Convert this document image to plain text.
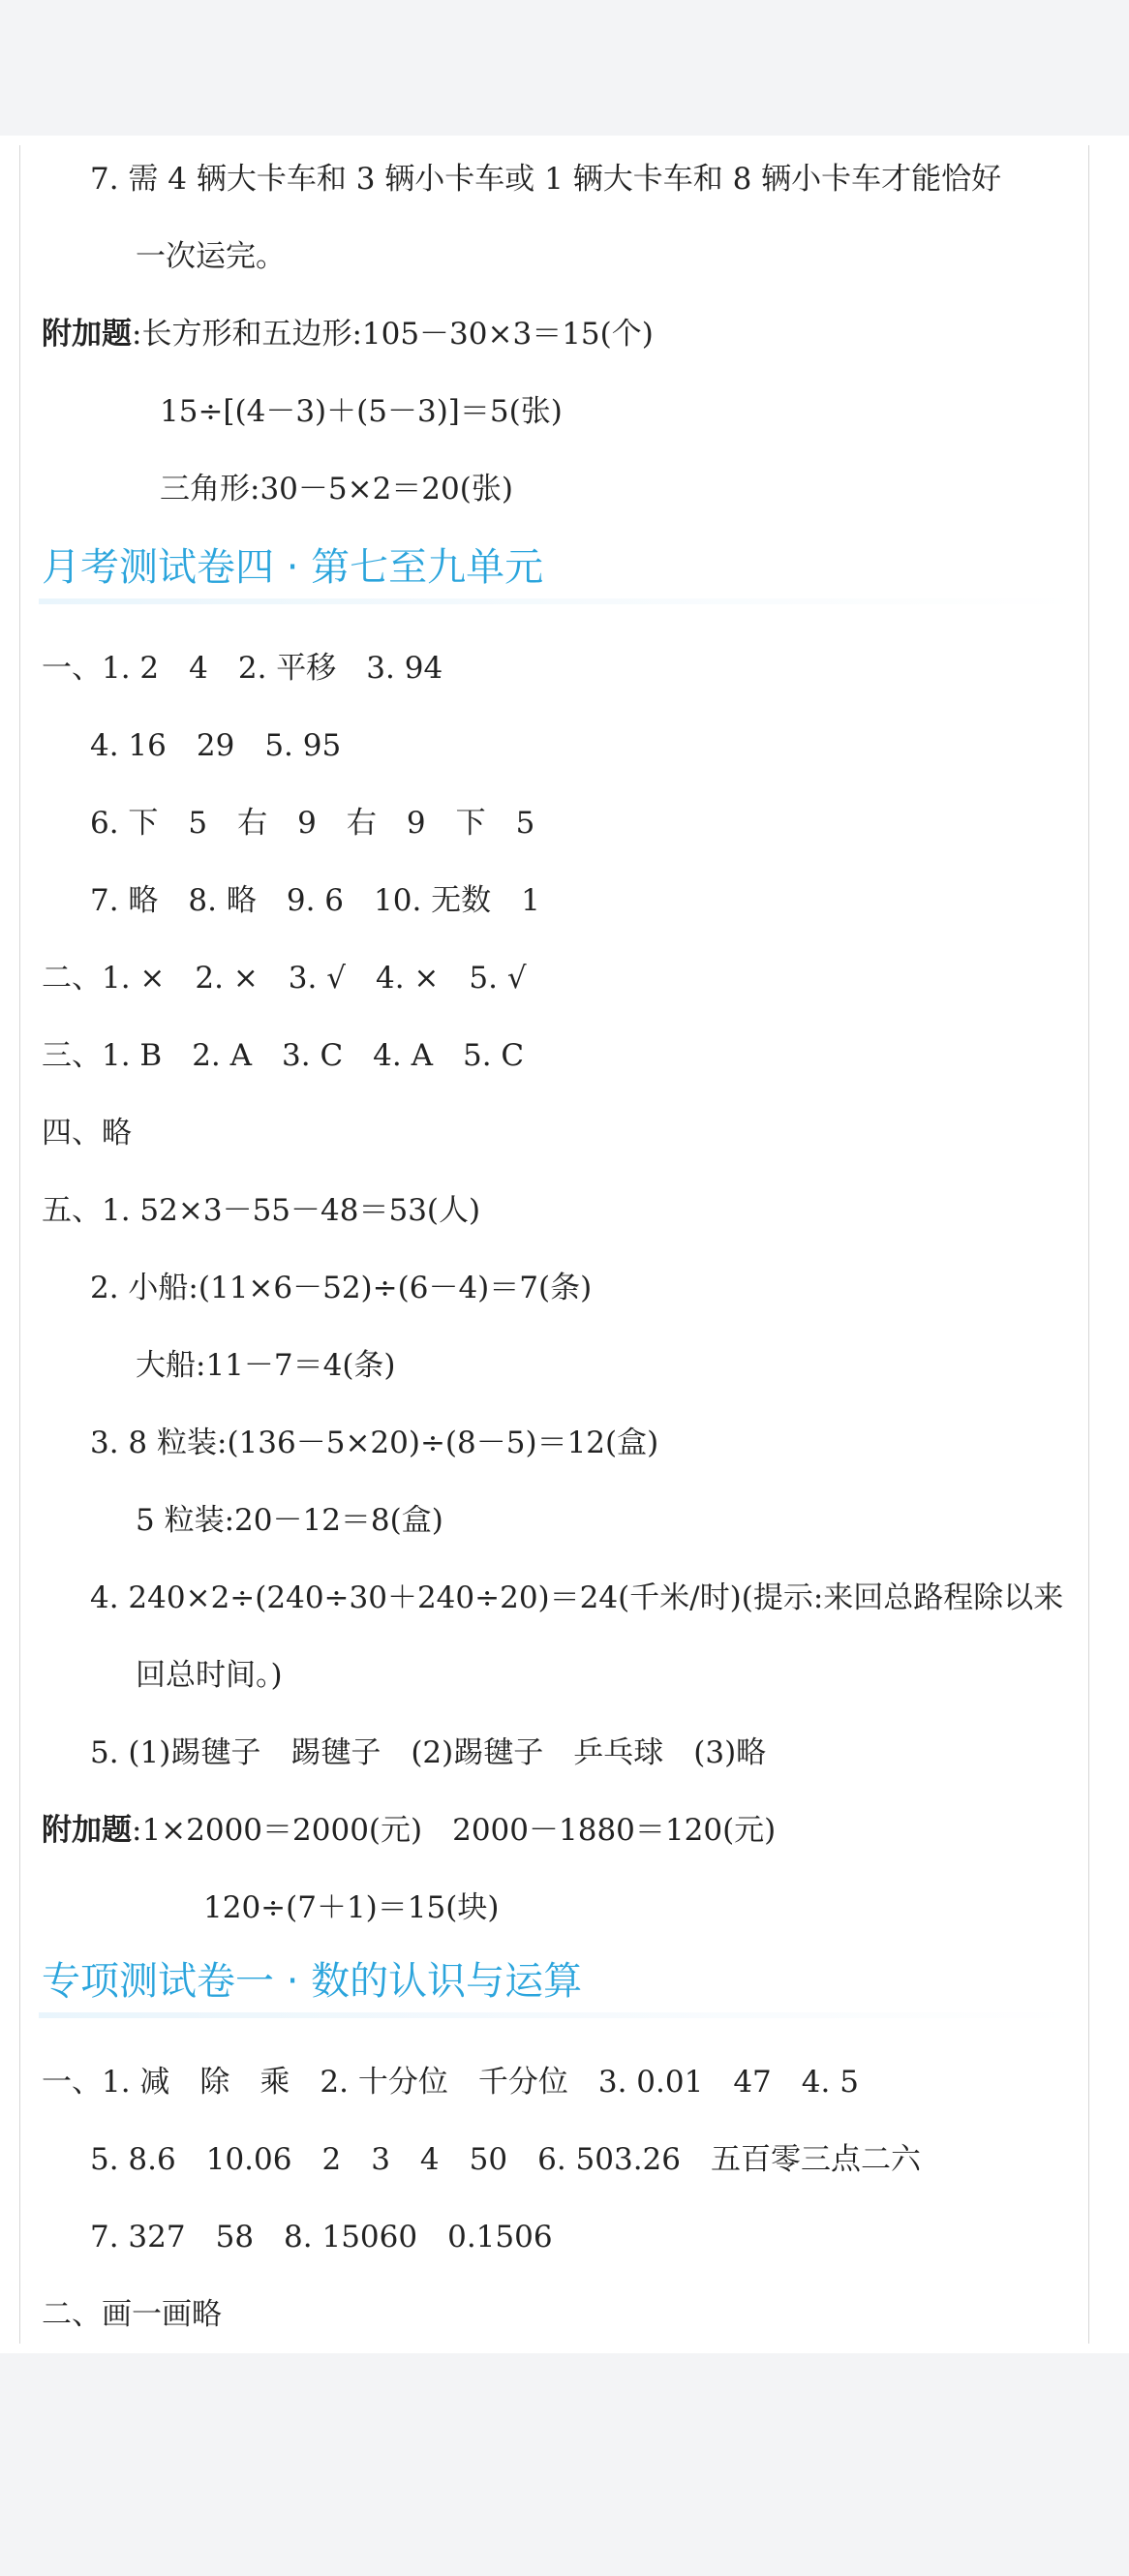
7. 需 4 辆大卡车和 3 辆小卡车或 1 辆大卡车和 8 辆小卡车才能恰好
一次运完。
附加题:长方形和五边形:105－30×3＝15(个)
15÷[(4－3)＋(5－3)]＝5(张)
三角形:30－5×2＝20(张)
月考测试卷四 · 第七至九单元
一、1. 2　4　2. 平移　3. 94
4. 16　29　5. 95
6. 下　5　右　9　右　9　下　5
7. 略　8. 略　9. 6　10. 无数　1
二、1. ×　2. ×　3. √　4. ×　5. √
三、1. B　2. A　3. C　4. A　5. C
四、略
五、1. 52×3－55－48＝53(人)
2. 小船:(11×6－52)÷(6－4)＝7(条)
大船:11－7＝4(条)
3. 8 粒装:(136－5×20)÷(8－5)＝12(盒)
5 粒装:20－12＝8(盒)
4. 240×2÷(240÷30＋240÷20)＝24(千米/时)(提示:来回总路程除以来
回总时间。)
5. (1)踢毽子　踢毽子　(2)踢毽子　乒乓球　(3)略
附加题:1×2000＝2000(元)　2000－1880＝120(元)
120÷(7＋1)＝15(块)
专项测试卷一 · 数的认识与运算
一、1. 减　除　乘　2. 十分位　千分位　3. 0.01　47　4. 5
5. 8.6　10.06　2　3　4　50　6. 503.26　五百零三点二六
7. 327　58　8. 15060　0.1506
二、画一画略
